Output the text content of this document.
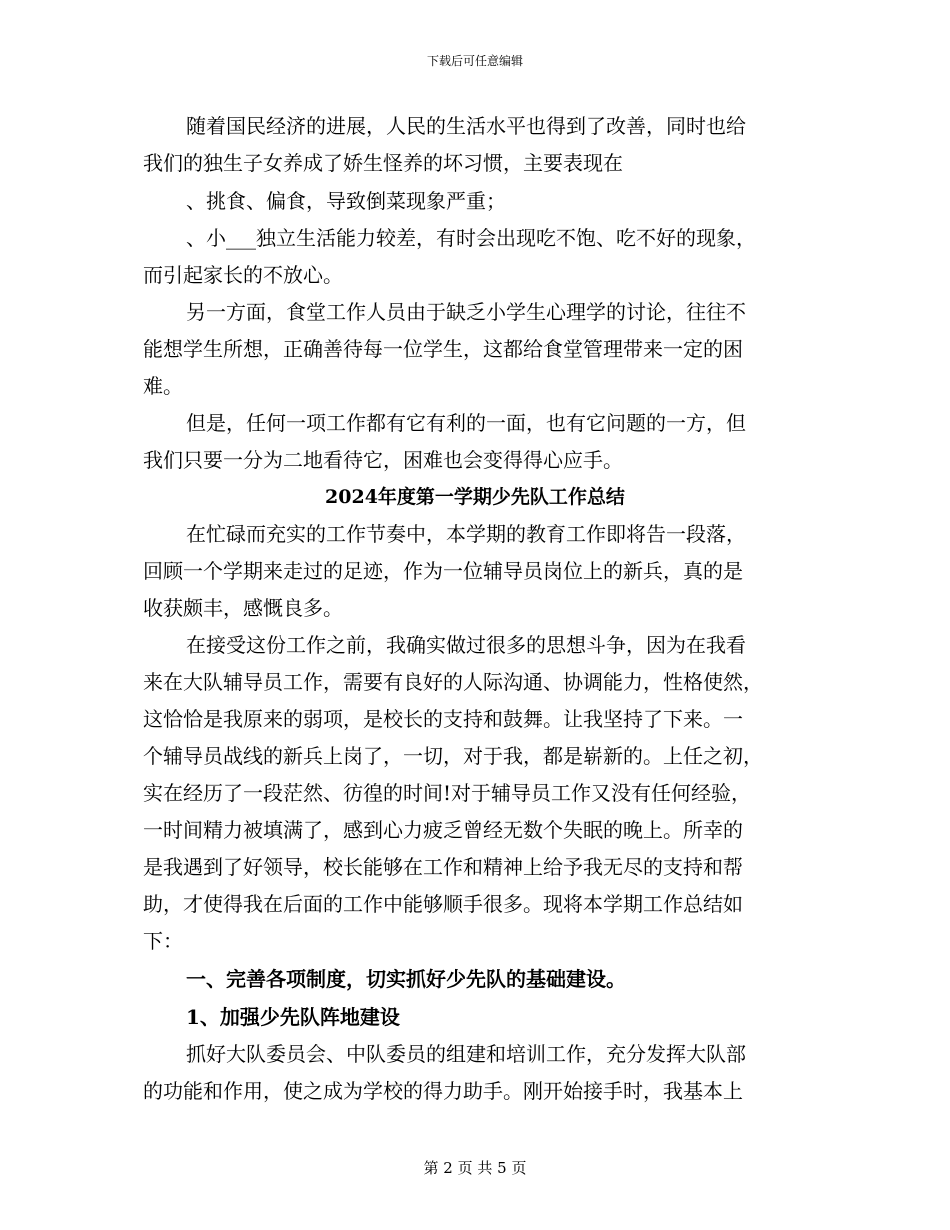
下载后可任意编辑
随着国民经济的进展，人民的生活水平也得到了改善，同时也给
我们的独生子女养成了娇生怪养的坏习惯，主要表现在
、挑食、偏食，导致倒菜现象严重；
、小___独立生活能力较差，有时会出现吃不饱、吃不好的现象，
而引起家长的不放心。
另一方面，食堂工作人员由于缺乏小学生心理学的讨论，往往不
能想学生所想，正确善待每一位学生，这都给食堂管理带来一定的困
难。
但是，任何一项工作都有它有利的一面，也有它问题的一方，但
我们只要一分为二地看待它，困难也会变得得心应手。
2024年度第一学期少先队工作总结
在忙碌而充实的工作节奏中，本学期的教育工作即将告一段落，
回顾一个学期来走过的足迹，作为一位辅导员岗位上的新兵，真的是
收获颇丰，感慨良多。
在接受这份工作之前，我确实做过很多的思想斗争，因为在我看
来在大队辅导员工作，需要有良好的人际沟通、协调能力，性格使然，
这恰恰是我原来的弱项，是校长的支持和鼓舞。让我坚持了下来。一
个辅导员战线的新兵上岗了，一切，对于我，都是崭新的。上任之初，
实在经历了一段茫然、彷徨的时间!对于辅导员工作又没有任何经验，
一时间精力被填满了，感到心力疲乏曾经无数个失眠的晚上。所幸的
是我遇到了好领导，校长能够在工作和精神上给予我无尽的支持和帮
助，才使得我在后面的工作中能够顺手很多。现将本学期工作总结如
下：
一、完善各项制度，切实抓好少先队的基础建设。
1、加强少先队阵地建设
抓好大队委员会、中队委员的组建和培训工作，充分发挥大队部
的功能和作用，使之成为学校的得力助手。刚开始接手时，我基本上
第 2 页 共 5 页
